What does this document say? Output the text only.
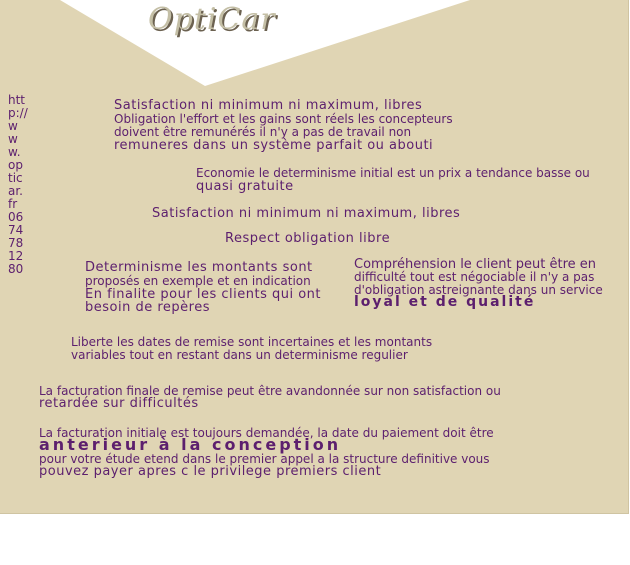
OptiCar
http://www.opticar.fr 0674781280
Satisfaction ni minimum ni maximum, libres
Obligation l'effort et les gains sont réels les concepteurs
doivent être remunérés il n'y a pas de travail non
remuneres dans un système parfait ou abouti
Economie le determinisme initial est un prix a tendance basse ou
quasi gratuite
Satisfaction ni minimum ni maximum, libres
Respect obligation libre
Determinisme les montants sont
proposés en exemple et en indication
En finalite pour les clients qui ont
besoin de repères
Compréhension le client peut être en
difficulté tout est négociable il n'y a pas
d'obligation astreignante dans un service
loyal et de qualité
Liberte les dates de remise sont incertaines et les montants
variables tout en restant dans un determinisme regulier
La facturation finale de remise peut être avandonnée sur non satisfaction ou
retardée sur difficultés
La facturation initiale est toujours demandée, la date du paiement doit être
anterieur à la conception
pour votre étude etend dans le premier appel a la structure definitive vous
pouvez payer apres c le privilege premiers client
